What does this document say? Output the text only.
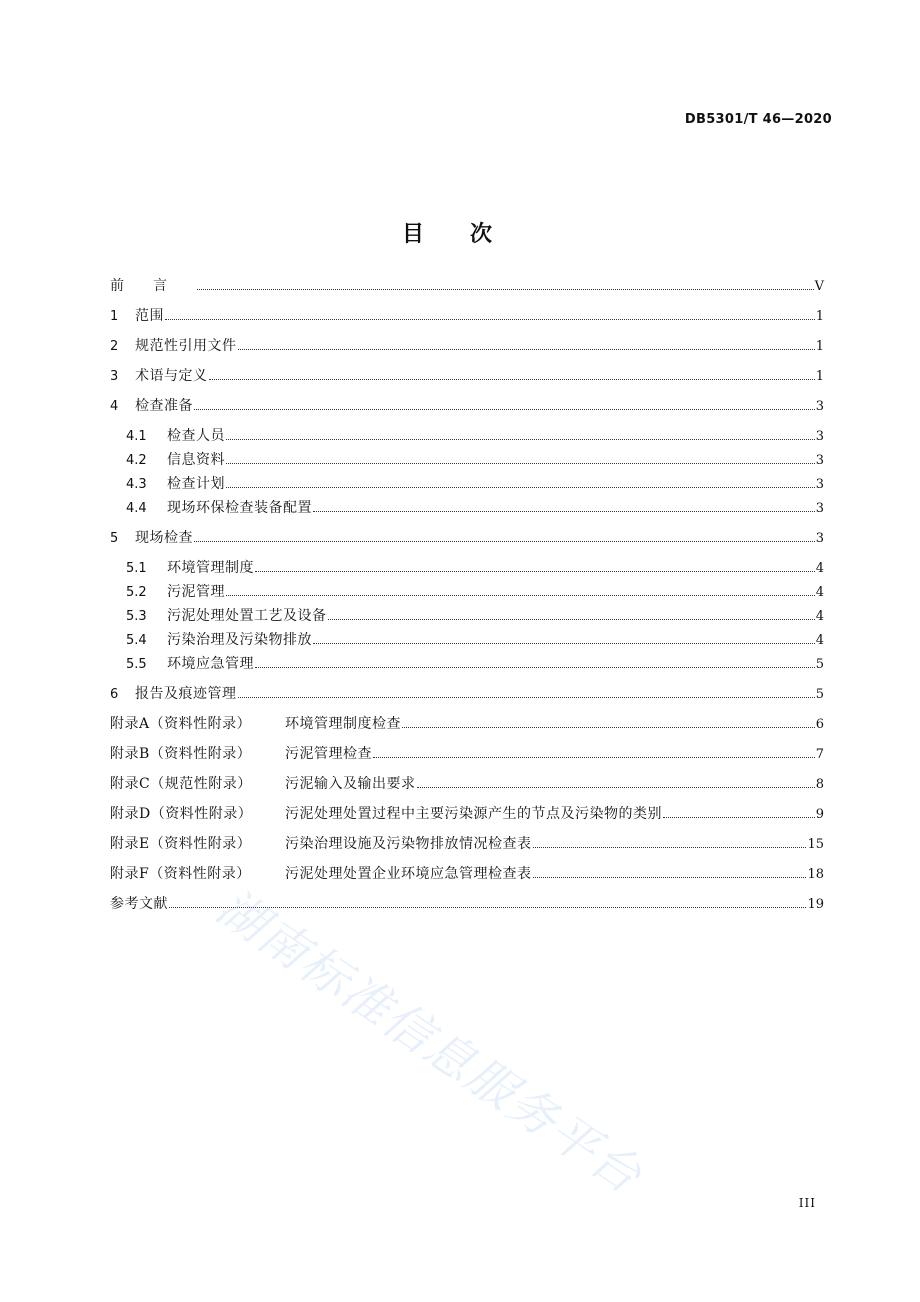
DB5301/T 46—2020
目次
前言	V
1	范围	1
2	规范性引用文件	1
3	术语与定义	1
4	检查准备	3
4.1	检查人员	3
4.2	信息资料	3
4.3	检查计划	3
4.4	现场环保检查装备配置	3
5	现场检查	3
5.1	环境管理制度	4
5.2	污泥管理	4
5.3	污泥处理处置工艺及设备	4
5.4	污染治理及污染物排放	4
5.5	环境应急管理	5
6	报告及痕迹管理	5
附录A（资料性附录）	环境管理制度检查	6
附录B（资料性附录）	污泥管理检查	7
附录C（规范性附录）	污泥输入及输出要求	8
附录D（资料性附录）	污泥处理处置过程中主要污染源产生的节点及污染物的类别	9
附录E（资料性附录）	污染治理设施及污染物排放情况检查表	15
附录F（资料性附录）	污泥处理处置企业环境应急管理检查表	18
参考文献	19
III
湖南标准信息服务平台
